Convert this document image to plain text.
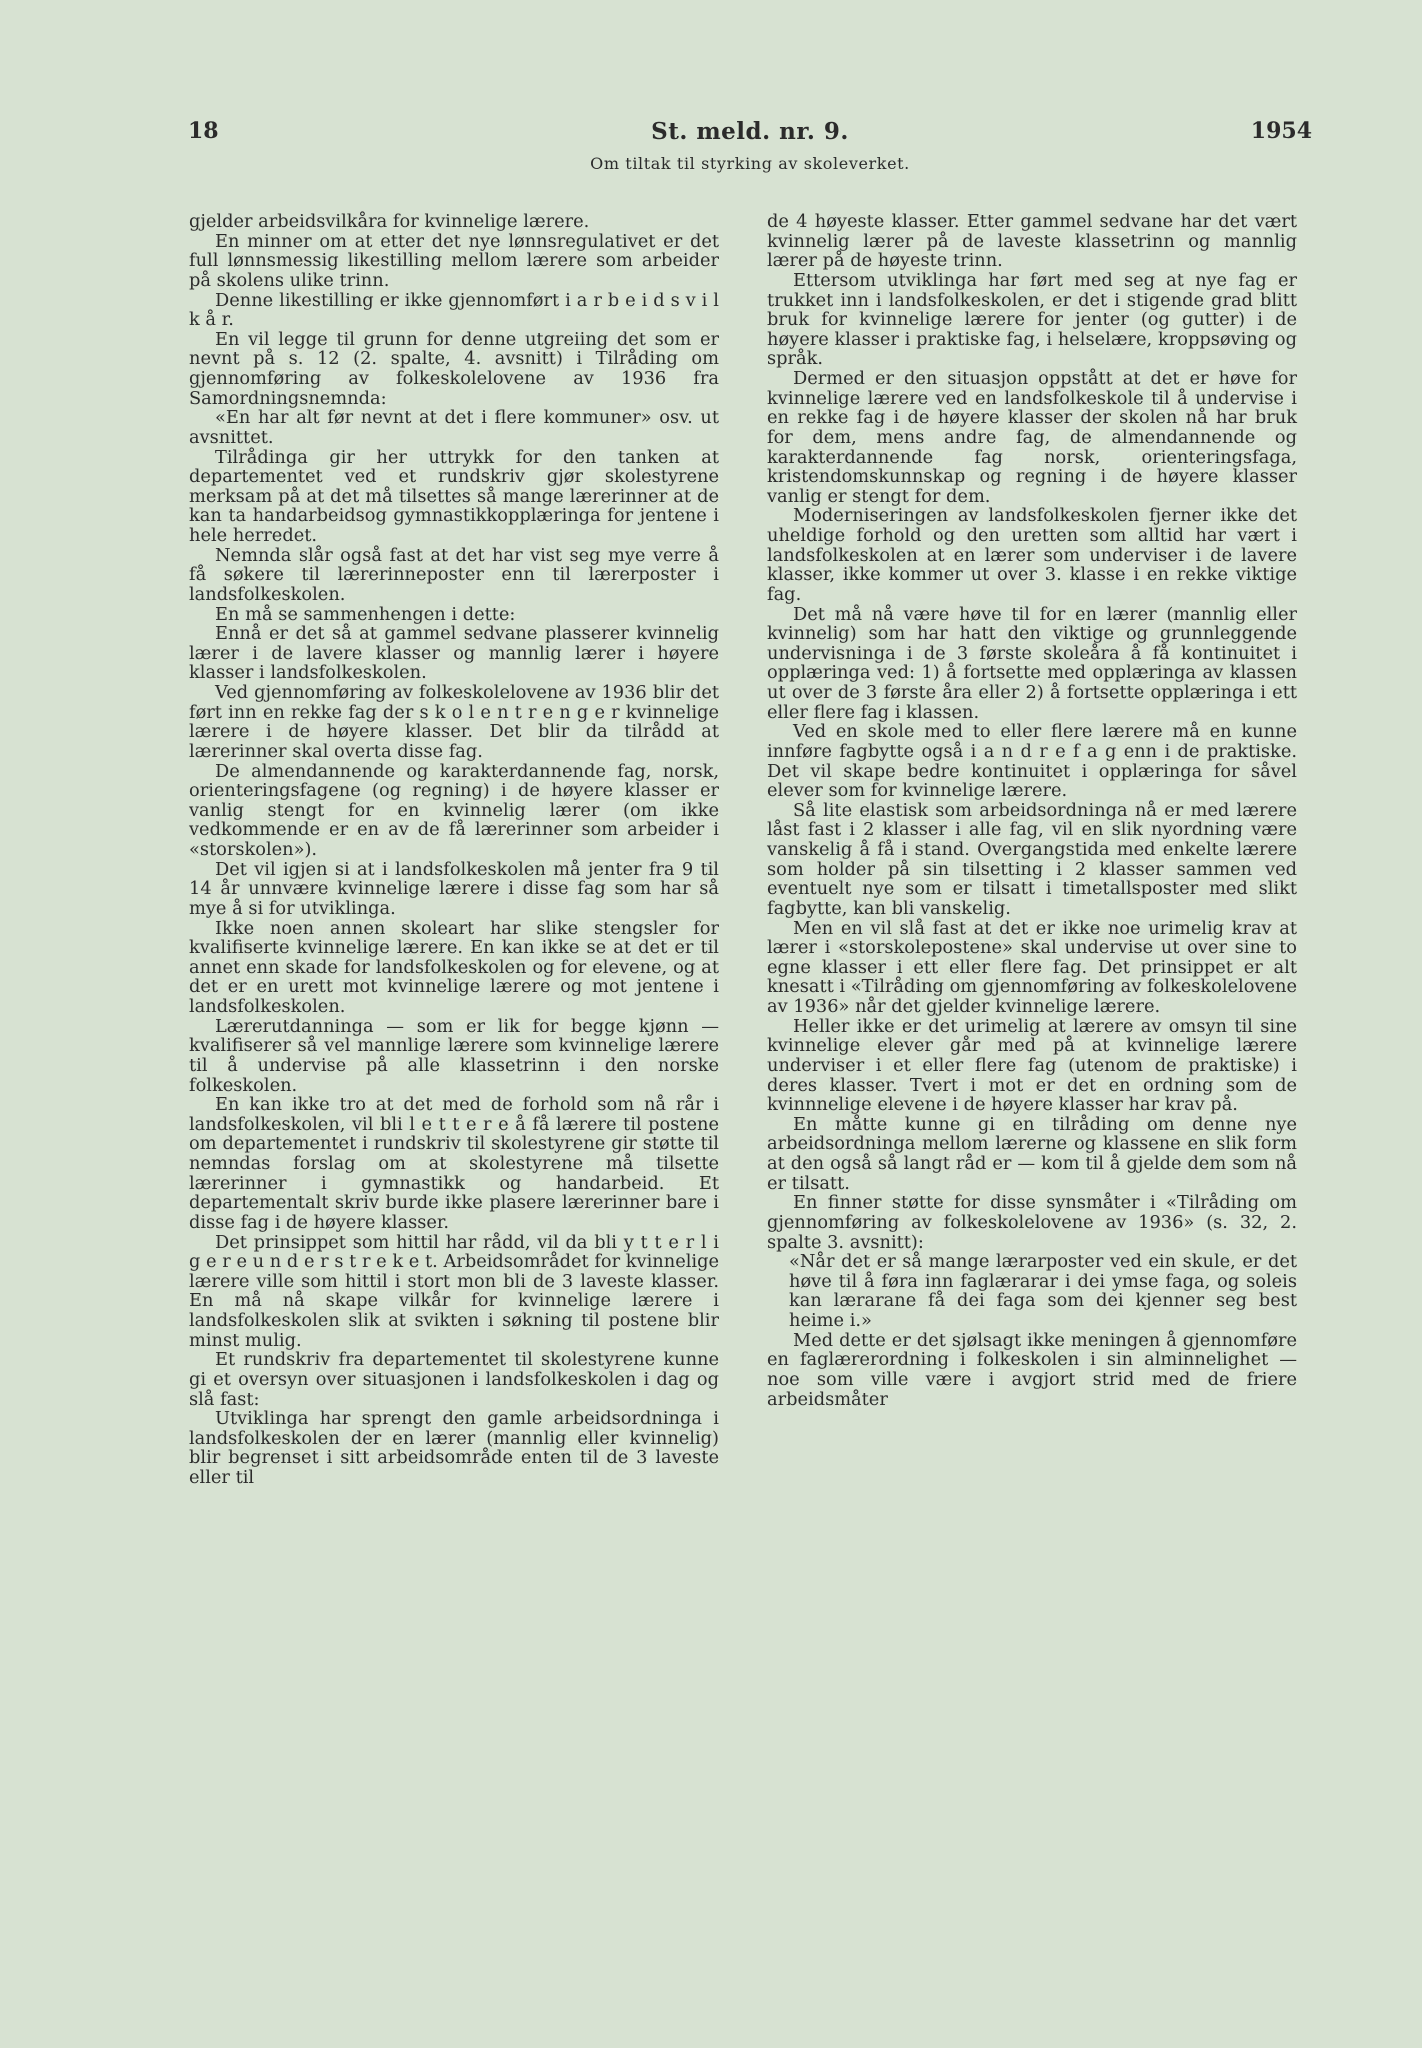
18	St. meld. nr. 9.	1954
Om tiltak til styrking av skoleverket.

gjelder arbeidsvilkåra for kvinnelige lærere.

En minner om at etter det nye lønnsregulativet er det full lønnsmessig likestilling mellom lærere som arbeider på skolens ulike trinn.

Denne likestilling er ikke gjennomført i a r b e i d s v i l k å r.

En vil legge til grunn for denne utgreiing det som er nevnt på s. 12 (2. spalte, 4. avsnitt) i Tilråding om gjennomføring av folkeskolelovene av 1936 fra Samordningsnemnda:

«En har alt før nevnt at det i flere kommuner» osv. ut avsnittet.

Tilrådinga gir her uttrykk for den tanken at departementet ved et rundskriv gjør skolestyrene merksam på at det må tilsettes så mange lærerinner at de kan ta handarbeidsog gymnastikkopplæringa for jentene i hele herredet.

Nemnda slår også fast at det har vist seg mye verre å få søkere til lærerinneposter enn til lærerposter i landsfolkeskolen.

En må se sammenhengen i dette:

Ennå er det så at gammel sedvane plasserer kvinnelig lærer i de lavere klasser og mannlig lærer i høyere klasser i landsfolkeskolen.

Ved gjennomføring av folkeskolelovene av 1936 blir det ført inn en rekke fag der s k o l e n t r e n g e r kvinnelige lærere i de høyere klasser. Det blir da tilrådd at lærerinner skal overta disse fag.

De almendannende og karakterdannende fag, norsk, orienteringsfagene (og regning) i de høyere klasser er vanlig stengt for en kvinnelig lærer (om ikke vedkommende er en av de få lærerinner som arbeider i «storskolen»).

Det vil igjen si at i landsfolkeskolen må jenter fra 9 til 14 år unnvære kvinnelige lærere i disse fag som har så mye å si for utviklinga.

Ikke noen annen skoleart har slike stengsler for kvalifiserte kvinnelige lærere. En kan ikke se at det er til annet enn skade for landsfolkeskolen og for elevene, og at det er en urett mot kvinnelige lærere og mot jentene i landsfolkeskolen.

Lærerutdanninga — som er lik for begge kjønn — kvalifiserer så vel mannlige lærere som kvinnelige lærere til å undervise på alle klassetrinn i den norske folkeskolen.

En kan ikke tro at det med de forhold som nå rår i landsfolkeskolen, vil bli l e t t e r e å få lærere til postene om departementet i rundskriv til skolestyrene gir støtte til nemndas forslag om at skolestyrene må tilsette lærerinner i gymnastikk og handarbeid. Et departementalt skriv burde ikke plasere lærerinner bare i disse fag i de høyere klasser.

Det prinsippet som hittil har rådd, vil da bli y t t e r l i g e r e u n d e r s t r e k e t. Arbeidsområdet for kvinnelige lærere ville som hittil i stort mon bli de 3 laveste klasser. En må nå skape vilkår for kvinnelige lærere i landsfolkeskolen slik at svikten i søkning til postene blir minst mulig.

Et rundskriv fra departementet til skolestyrene kunne gi et oversyn over situasjonen i landsfolkeskolen i dag og slå fast:

Utviklinga har sprengt den gamle arbeidsordninga i landsfolkeskolen der en lærer (mannlig eller kvinnelig) blir begrenset i sitt arbeidsområde enten til de 3 laveste eller til

de 4 høyeste klasser. Etter gammel sedvane har det vært kvinnelig lærer på de laveste klassetrinn og mannlig lærer på de høyeste trinn.

Ettersom utviklinga har ført med seg at nye fag er trukket inn i landsfolkeskolen, er det i stigende grad blitt bruk for kvinnelige lærere for jenter (og gutter) i de høyere klasser i praktiske fag, i helselære, kroppsøving og språk.

Dermed er den situasjon oppstått at det er høve for kvinnelige lærere ved en landsfolkeskole til å undervise i en rekke fag i de høyere klasser der skolen nå har bruk for dem, mens andre fag, de almendannende og karakterdannende fag norsk, orienteringsfaga, kristendomskunnskap og regning i de høyere klasser vanlig er stengt for dem.

Moderniseringen av landsfolkeskolen fjerner ikke det uheldige forhold og den uretten som alltid har vært i landsfolkeskolen at en lærer som underviser i de lavere klasser, ikke kommer ut over 3. klasse i en rekke viktige fag.

Det må nå være høve til for en lærer (mannlig eller kvinnelig) som har hatt den viktige og grunnleggende undervisninga i de 3 første skoleåra å få kontinuitet i opplæringa ved: 1) å fortsette med opplæringa av klassen ut over de 3 første åra eller 2) å fortsette opplæringa i ett eller flere fag i klassen.

Ved en skole med to eller flere lærere må en kunne innføre fagbytte også i a n d r e f a g enn i de praktiske. Det vil skape bedre kontinuitet i opplæringa for såvel elever som for kvinnelige lærere.

Så lite elastisk som arbeidsordninga nå er med lærere låst fast i 2 klasser i alle fag, vil en slik nyordning være vanskelig å få i stand. Overgangstida med enkelte lærere som holder på sin tilsetting i 2 klasser sammen ved eventuelt nye som er tilsatt i timetallsposter med slikt fagbytte, kan bli vanskelig.

Men en vil slå fast at det er ikke noe urimelig krav at lærer i «storskolepostene» skal undervise ut over sine to egne klasser i ett eller flere fag. Det prinsippet er alt knesatt i «Tilråding om gjennomføring av folkeskolelovene av 1936» når det gjelder kvinnelige lærere.

Heller ikke er det urimelig at lærere av omsyn til sine kvinnelige elever går med på at kvinnelige lærere underviser i et eller flere fag (utenom de praktiske) i deres klasser. Tvert i mot er det en ordning som de kvinnnelige elevene i de høyere klasser har krav på.

En måtte kunne gi en tilråding om denne nye arbeidsordninga mellom lærerne og klassene en slik form at den også så langt råd er — kom til å gjelde dem som nå er tilsatt.

En finner støtte for disse synsmåter i «Tilråding om gjennomføring av folkeskolelovene av 1936» (s. 32, 2. spalte 3. avsnitt):

«Når det er så mange lærarposter ved ein skule, er det høve til å føra inn faglærarar i dei ymse faga, og soleis kan lærarane få dei faga som dei kjenner seg best heime i.»

Med dette er det sjølsagt ikke meningen å gjennomføre en faglærerordning i folkeskolen i sin alminnelighet — noe som ville være i avgjort strid med de friere arbeidsmåter
